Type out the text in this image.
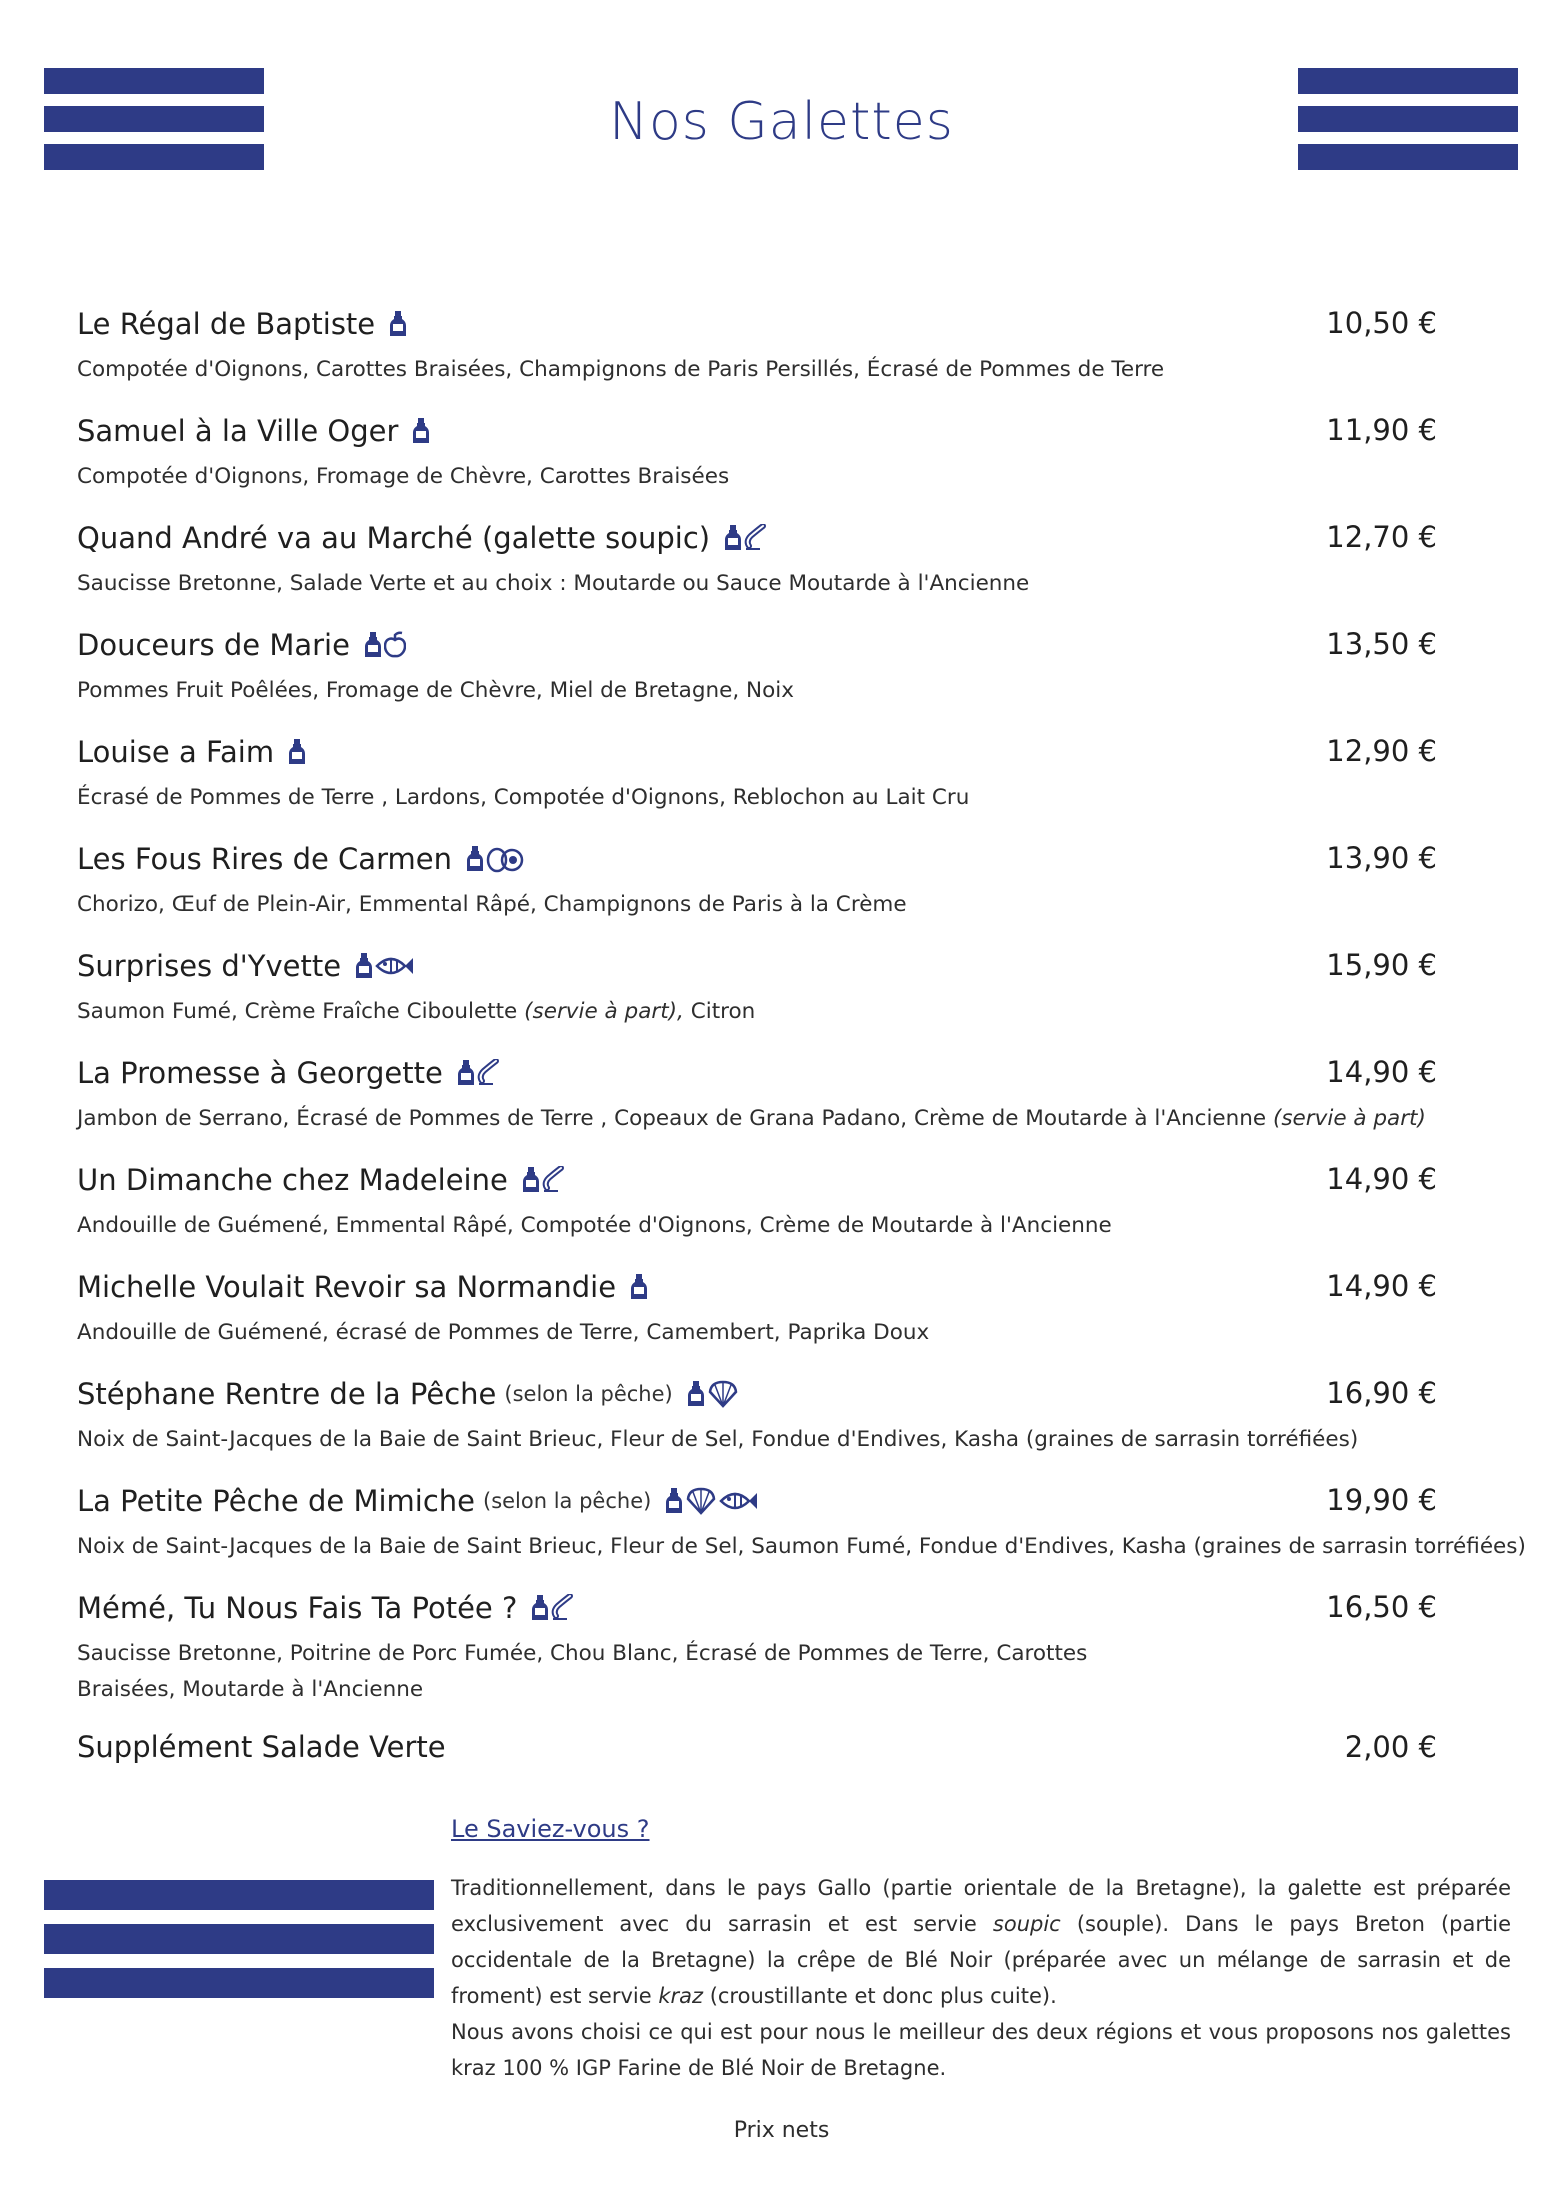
Nos Galettes
Le Régal de Baptiste	10,50 €
Compotée d'Oignons, Carottes Braisées, Champignons de Paris Persillés, Écrasé de Pommes de Terre
Samuel à la Ville Oger	11,90 €
Compotée d'Oignons, Fromage de Chèvre, Carottes Braisées
Quand André va au Marché (galette soupic)	12,70 €
Saucisse Bretonne, Salade Verte et au choix : Moutarde ou Sauce Moutarde à l'Ancienne
Douceurs de Marie	13,50 €
Pommes Fruit Poêlées, Fromage de Chèvre, Miel de Bretagne, Noix
Louise a Faim	12,90 €
Écrasé de Pommes de Terre , Lardons, Compotée d'Oignons, Reblochon au Lait Cru
Les Fous Rires de Carmen	13,90 €
Chorizo, Œuf de Plein-Air, Emmental Râpé, Champignons de Paris à la Crème
Surprises d'Yvette	15,90 €
Saumon Fumé, Crème Fraîche Ciboulette (servie à part), Citron
La Promesse à Georgette	14,90 €
Jambon de Serrano, Écrasé de Pommes de Terre , Copeaux de Grana Padano, Crème de Moutarde à l'Ancienne (servie à part)
Un Dimanche chez Madeleine	14,90 €
Andouille de Guémené, Emmental Râpé, Compotée d'Oignons, Crème de Moutarde à l'Ancienne
Michelle Voulait Revoir sa Normandie	14,90 €
Andouille de Guémené, écrasé de Pommes de Terre, Camembert, Paprika Doux
Stéphane Rentre de la Pêche (selon la pêche)	16,90 €
Noix de Saint-Jacques de la Baie de Saint Brieuc, Fleur de Sel, Fondue d'Endives, Kasha (graines de sarrasin torréfiées)
La Petite Pêche de Mimiche (selon la pêche)	19,90 €
Noix de Saint-Jacques de la Baie de Saint Brieuc, Fleur de Sel, Saumon Fumé, Fondue d'Endives, Kasha (graines de sarrasin torréfiées)
Mémé, Tu Nous Fais Ta Potée ?	16,50 €
Saucisse Bretonne, Poitrine de Porc Fumée, Chou Blanc, Écrasé de Pommes de Terre, Carottes Braisées, Moutarde à l'Ancienne
Supplément Salade Verte	2,00 €
Le Saviez-vous ?
Traditionnellement, dans le pays Gallo (partie orientale de la Bretagne), la galette est préparée exclusivement avec du sarrasin et est servie soupic (souple). Dans le pays Breton (partie occidentale de la Bretagne) la crêpe de Blé Noir (préparée avec un mélange de sarrasin et de froment) est servie kraz (croustillante et donc plus cuite).
Nous avons choisi ce qui est pour nous le meilleur des deux régions et vous proposons nos galettes kraz 100 % IGP Farine de Blé Noir de Bretagne.
Prix nets
